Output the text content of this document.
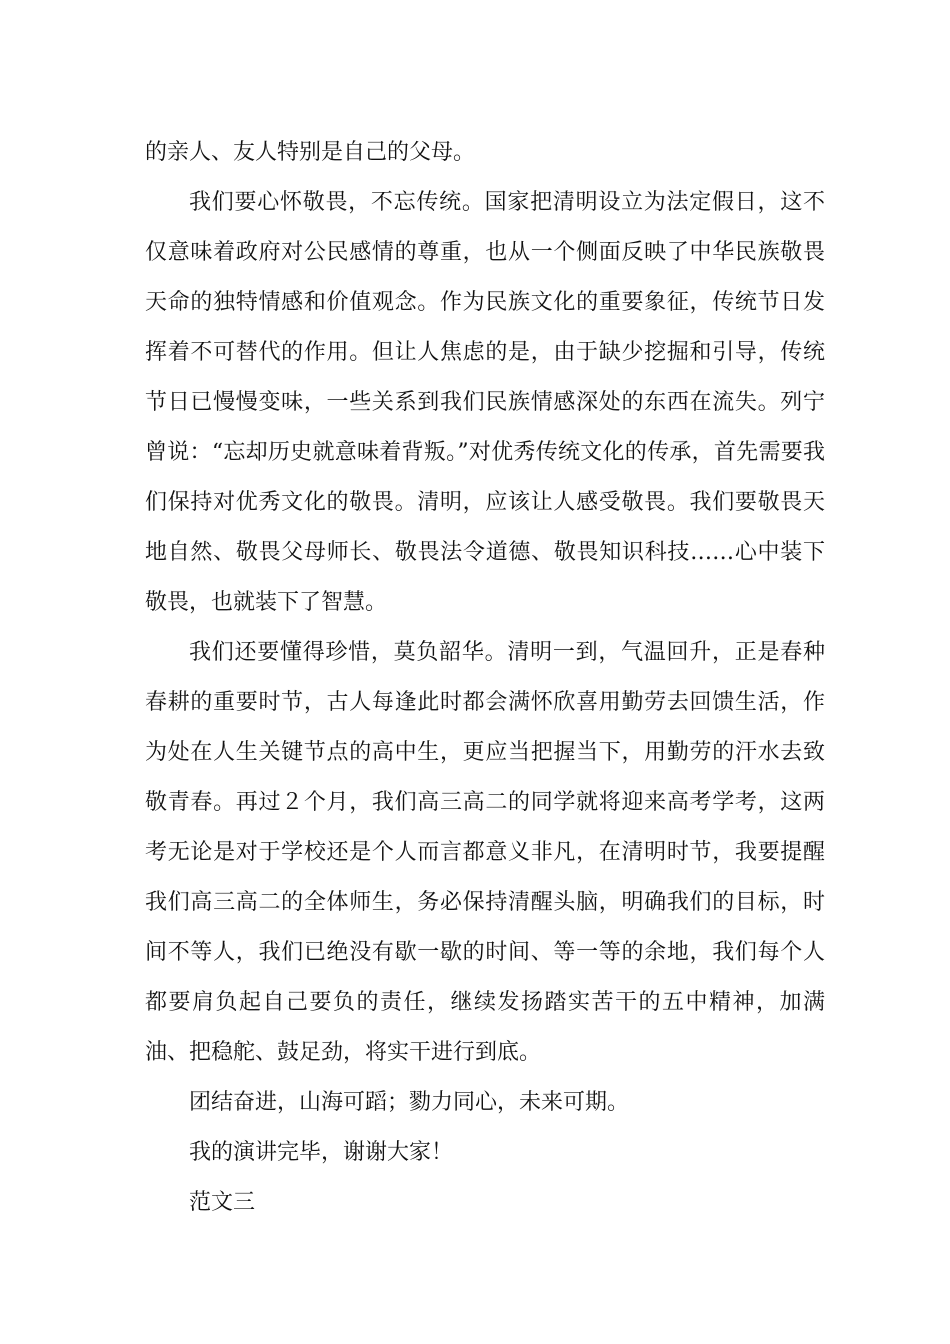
的亲人、友人特别是自己的父母。

我们要心怀敬畏，不忘传统。国家把清明设立为法定假日，这不仅意味着政府对公民感情的尊重，也从一个侧面反映了中华民族敬畏天命的独特情感和价值观念。作为民族文化的重要象征，传统节日发挥着不可替代的作用。但让人焦虑的是，由于缺少挖掘和引导，传统节日已慢慢变味，一些关系到我们民族情感深处的东西在流失。列宁曾说：“忘却历史就意味着背叛。”对优秀传统文化的传承，首先需要我们保持对优秀文化的敬畏。清明，应该让人感受敬畏。我们要敬畏天地自然、敬畏父母师长、敬畏法令道德、敬畏知识科技……心中装下敬畏，也就装下了智慧。

我们还要懂得珍惜，莫负韶华。清明一到，气温回升，正是春种春耕的重要时节，古人每逢此时都会满怀欣喜用勤劳去回馈生活，作为处在人生关键节点的高中生，更应当把握当下，用勤劳的汗水去致敬青春。再过２个月，我们高三高二的同学就将迎来高考学考，这两考无论是对于学校还是个人而言都意义非凡，在清明时节，我要提醒我们高三高二的全体师生，务必保持清醒头脑，明确我们的目标，时间不等人，我们已绝没有歇一歇的时间、等一等的余地，我们每个人都要肩负起自己要负的责任，继续发扬踏实苦干的五中精神，加满油、把稳舵、鼓足劲，将实干进行到底。

团结奋进，山海可蹈；勠力同心，未来可期。

我的演讲完毕，谢谢大家！

范文三
